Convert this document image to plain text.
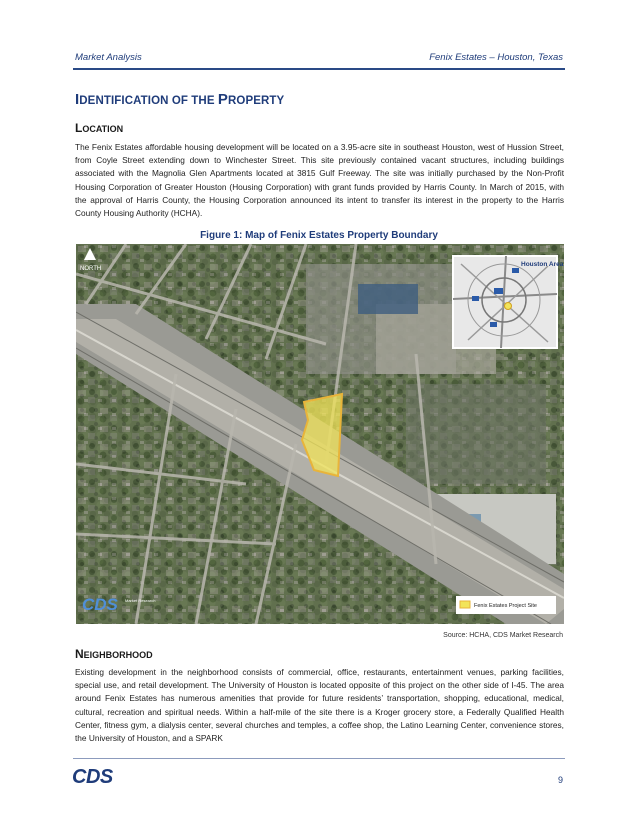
Market Analysis	Fenix Estates – Houston, Texas
IDENTIFICATION OF THE PROPERTY
LOCATION

The Fenix Estates affordable housing development will be located on a 3.95-acre site in southeast Houston, west of Hussion Street, from Coyle Street extending down to Winchester Street. This site previously contained vacant structures, including buildings associated with the Magnolia Glen Apartments located at 3815 Gulf Freeway. The site was initially purchased by the Non-Profit Housing Corporation of Greater Houston (Housing Corporation) with grant funds provided by Harris County. In March of 2015, with the approval of Harris County, the Housing Corporation announced its intent to transfer its interest in the property to the Harris County Housing Authority (HCHA).

Figure 1: Map of Fenix Estates Property Boundary
NORTH
Houston Area
CDS Market Research
Fenix Estates Project Site
Source: HCHA, CDS Market Research
NEIGHBORHOOD

Existing development in the neighborhood consists of commercial, office, restaurants, entertainment venues, parking facilities, special use, and retail development. The University of Houston is located opposite of this project on the other side of I-45. The area around Fenix Estates has numerous amenities that provide for future residents’ transportation, shopping, educational, medical, cultural, recreation and spiritual needs. Within a half-mile of the site there is a Kroger grocery store, a Federally Qualified Health Center, fitness gym, a dialysis center, several churches and temples, a coffee shop, the Latino Learning Center, convenience stores, the University of Houston, and a SPARK

CDS	9
